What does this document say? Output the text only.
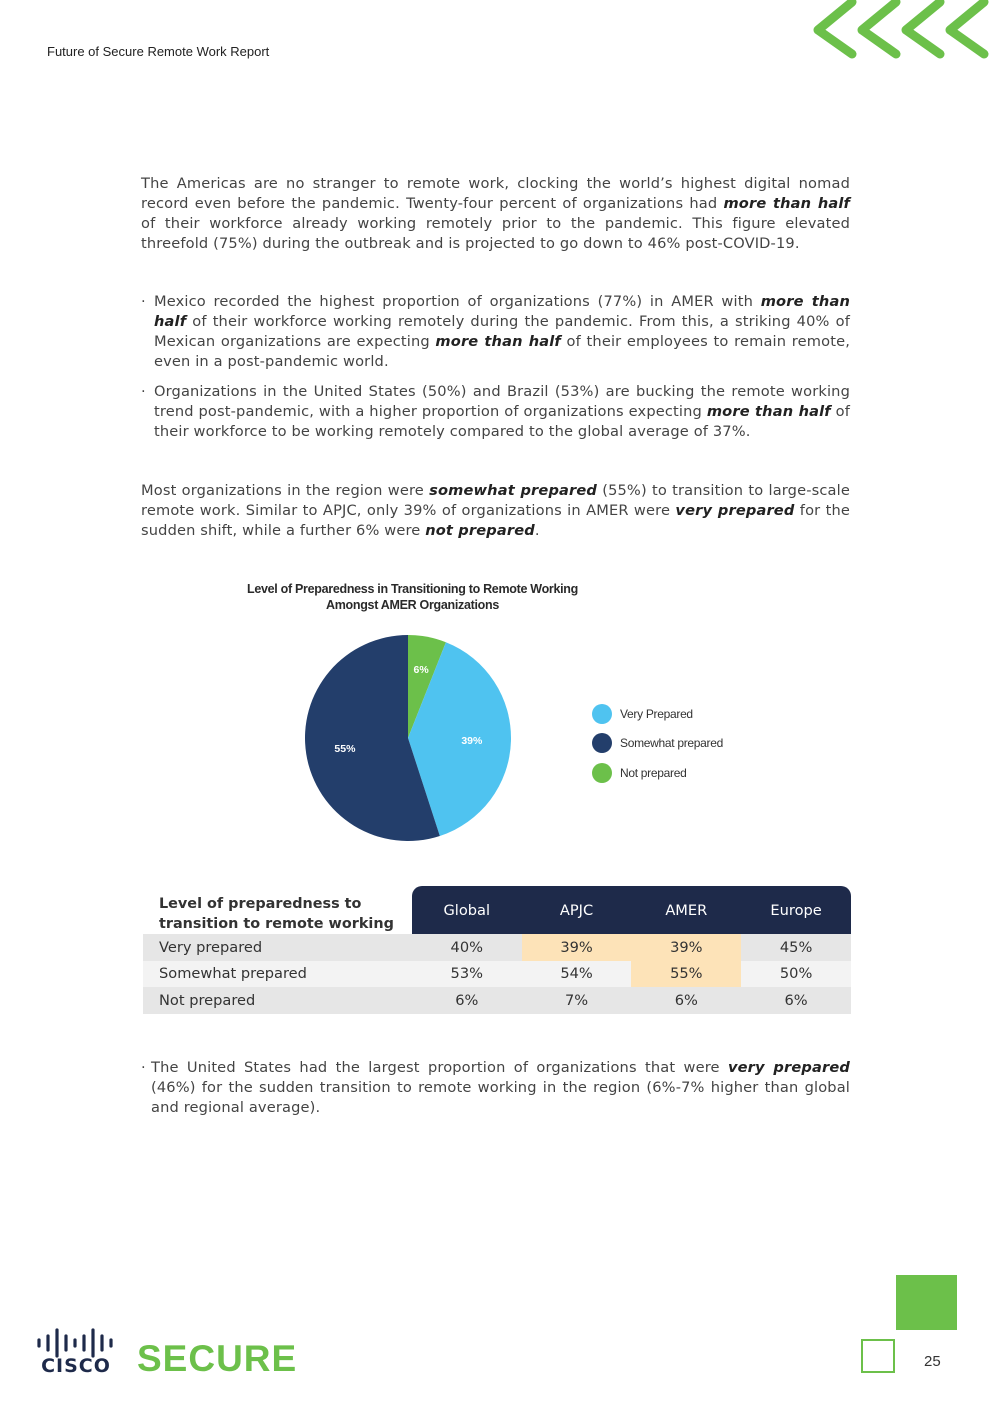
Future of Secure Remote Work Report
The Americas are no stranger to remote work, clocking the world’s highest digital nomad record even before the pandemic. Twenty-four percent of organizations had more than half of their workforce already working remotely prior to the pandemic. This figure elevated threefold (75%) during the outbreak and is projected to go down to 46% post-COVID-19.
· Mexico recorded the highest proportion of organizations (77%) in AMER with more than half of their workforce working remotely during the pandemic. From this, a striking 40% of Mexican organizations are expecting more than half of their employees to remain remote, even in a post-pandemic world.
· Organizations in the United States (50%) and Brazil (53%) are bucking the remote working trend post-pandemic, with a higher proportion of organizations expecting more than half of their workforce to be working remotely compared to the global average of 37%.
Most organizations in the region were somewhat prepared (55%) to transition to large-scale remote work. Similar to APJC, only 39% of organizations in AMER were very prepared for the sudden shift, while a further 6% were not prepared.
Level of Preparedness in Transitioning to Remote Working Amongst AMER Organizations
6%
39%
55%
Very Prepared
Somewhat prepared
Not prepared
Level of preparedness to
transition to remote working	Global	APJC	AMER	Europe
Very prepared	40%	39%	39%	45%
Somewhat prepared	53%	54%	55%	50%
Not prepared	6%	7%	6%	6%
· The United States had the largest proportion of organizations that were very prepared (46%) for the sudden transition to remote working in the region (6%-7% higher than global and regional average).
CISCO SECURE	25
